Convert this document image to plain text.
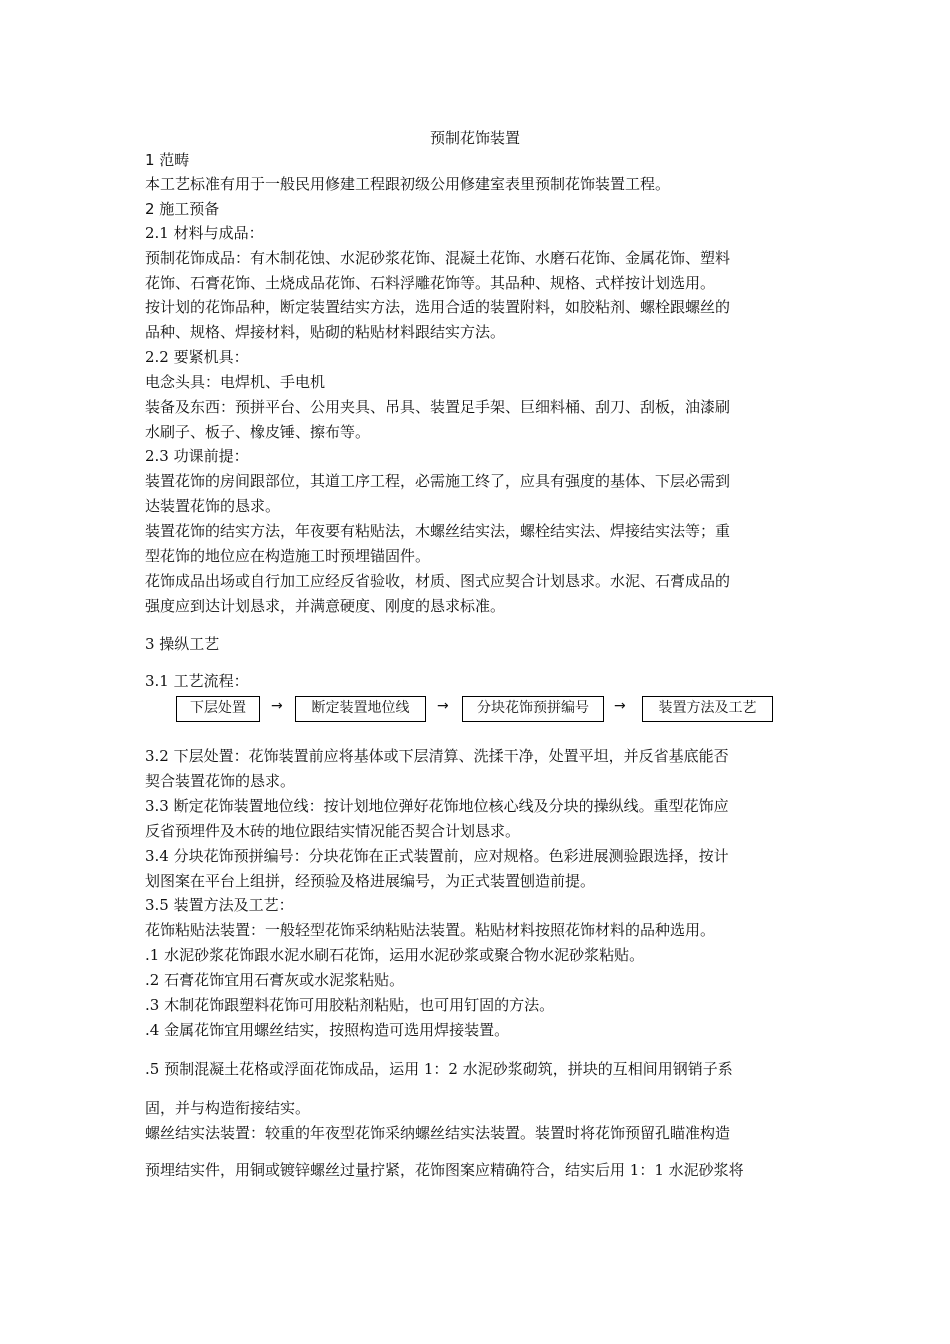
预制花饰装置
1 范畴
本工艺标准有用于一般民用修建工程跟初级公用修建室表里预制花饰装置工程。
2 施工预备
2.1 材料与成品：
预制花饰成品：有木制花蚀、水泥砂浆花饰、混凝土花饰、水磨石花饰、金属花饰、塑料
花饰、石膏花饰、土烧成品花饰、石料浮雕花饰等。其品种、规格、式样按计划选用。
按计划的花饰品种，断定装置结实方法，选用合适的装置附料，如胶粘剂、螺栓跟螺丝的
品种、规格、焊接材料，贴砌的粘贴材料跟结实方法。
2.2 要紧机具：
电念头具：电焊机、手电机
装备及东西：预拼平台、公用夹具、吊具、装置足手架、巨细料桶、刮刀、刮板，油漆刷
水刷子、板子、橡皮锤、擦布等。
2.3 功课前提：
装置花饰的房间跟部位，其道工序工程，必需施工终了，应具有强度的基体、下层必需到
达装置花饰的恳求。
装置花饰的结实方法，年夜要有粘贴法，木螺丝结实法，螺栓结实法、焊接结实法等；重
型花饰的地位应在构造施工时预埋锚固件。
花饰成品出场或自行加工应经反省验收，材质、图式应契合计划恳求。水泥、石膏成品的
强度应到达计划恳求，并满意硬度、刚度的恳求标准。
3 操纵工艺
3.1 工艺流程：
下层处置	→	断定装置地位线	→	分块花饰预拼编号	→	装置方法及工艺
3.2 下层处置：花饰装置前应将基体或下层清算、洗揉干净，处置平坦，并反省基底能否
契合装置花饰的恳求。
3.3 断定花饰装置地位线：按计划地位弹好花饰地位核心线及分块的操纵线。重型花饰应
反省预埋件及木砖的地位跟结实情况能否契合计划恳求。
3.4 分块花饰预拼编号：分块花饰在正式装置前，应对规格。色彩进展测验跟选择，按计
划图案在平台上组拼，经预验及格进展编号，为正式装置刨造前提。
3.5 装置方法及工艺：
花饰粘贴法装置：一般轻型花饰采纳粘贴法装置。粘贴材料按照花饰材料的品种选用。
.1 水泥砂浆花饰跟水泥水刷石花饰，运用水泥砂浆或聚合物水泥砂浆粘贴。
.2 石膏花饰宜用石膏灰或水泥浆粘贴。
.3 木制花饰跟塑料花饰可用胶粘剂粘贴，也可用钉固的方法。
.4 金属花饰宜用螺丝结实，按照构造可选用焊接装置。
.5 预制混凝土花格或浮面花饰成品，运用 1：2 水泥砂浆砌筑，拼块的互相间用钢销子系
固，并与构造衔接结实。
螺丝结实法装置：较重的年夜型花饰采纳螺丝结实法装置。装置时将花饰预留孔瞄准构造
预埋结实件，用铜或镀锌螺丝过量拧紧，花饰图案应精确符合，结实后用 1：1 水泥砂浆将
